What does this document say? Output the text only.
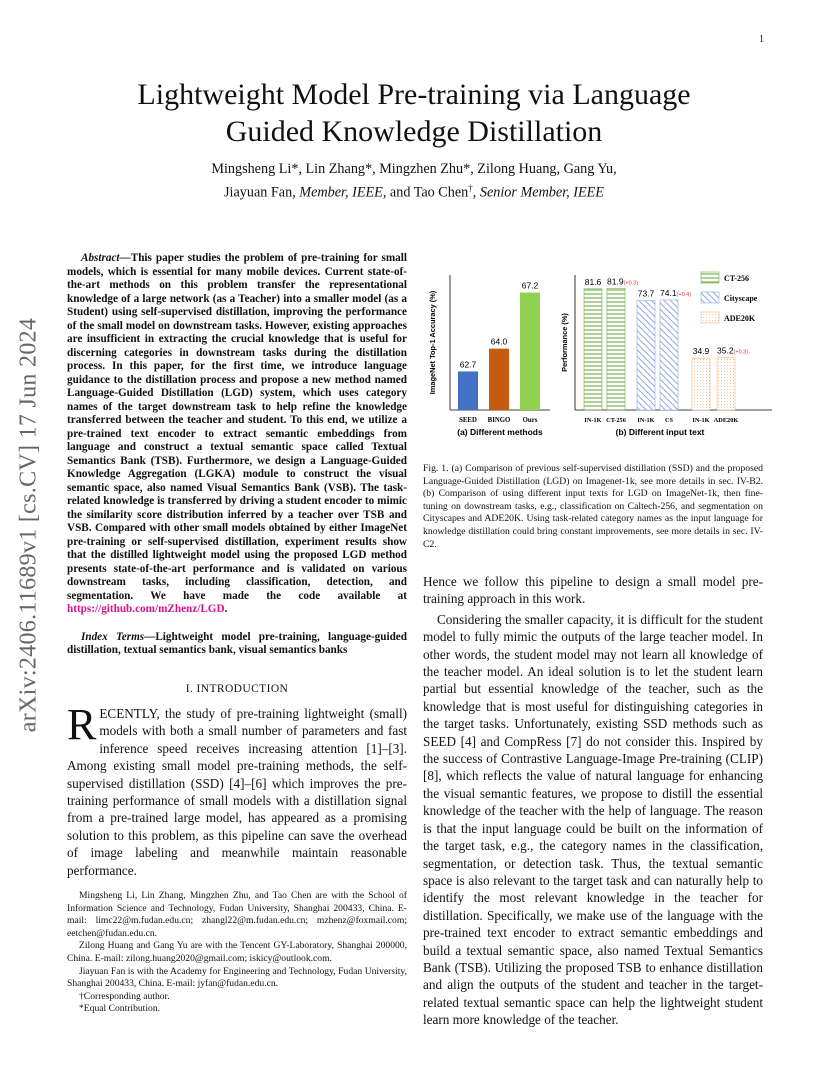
1
arXiv:2406.11689v1 [cs.CV] 17 Jun 2024
Lightweight Model Pre-training via Language
Guided Knowledge Distillation
Mingsheng Li*, Lin Zhang*, Mingzhen Zhu*, Zilong Huang, Gang Yu,
Jiayuan Fan, Member, IEEE, and Tao Chen†, Senior Member, IEEE
Abstract—This paper studies the problem of pre-training for small models, which is essential for many mobile devices. Current state-of-the-art methods on this problem transfer the representational knowledge of a large network (as a Teacher) into a smaller model (as a Student) using self-supervised distillation, improving the performance of the small model on downstream tasks. However, existing approaches are insufficient in extracting the crucial knowledge that is useful for discerning categories in downstream tasks during the distillation process. In this paper, for the first time, we introduce language guidance to the distillation process and propose a new method named Language-Guided Distillation (LGD) system, which uses category names of the target downstream task to help refine the knowledge transferred between the teacher and student. To this end, we utilize a pre-trained text encoder to extract semantic embeddings from language and construct a textual semantic space called Textual Semantics Bank (TSB). Furthermore, we design a Language-Guided Knowledge Aggregation (LGKA) module to construct the visual semantic space, also named Visual Semantics Bank (VSB). The task-related knowledge is transferred by driving a student encoder to mimic the similarity score distribution inferred by a teacher over TSB and VSB. Compared with other small models obtained by either ImageNet pre-training or self-supervised distillation, experiment results show that the distilled lightweight model using the proposed LGD method presents state-of-the-art performance and is validated on various downstream tasks, including classification, detection, and segmentation. We have made the code available at https://github.com/mZhenz/LGD.
Index Terms—Lightweight model pre-training, language-guided distillation, textual semantics bank, visual semantics banks
I. INTRODUCTION
RECENTLY, the study of pre-training lightweight (small) models with both a small number of parameters and fast inference speed receives increasing attention [1]–[3]. Among existing small model pre-training methods, the self-supervised distillation (SSD) [4]–[6] which improves the pre-training performance of small models with a distillation signal from a pre-trained large model, has appeared as a promising solution to this problem, as this pipeline can save the overhead of image labeling and meanwhile maintain reasonable performance.

Mingsheng Li, Lin Zhang, Mingzhen Zhu, and Tao Chen are with the School of Information Science and Technology, Fudan University, Shanghai 200433, China. E-mail: limc22@m.fudan.edu.cn; zhangl22@m.fudan.edu.cn; mzhenz@foxmail.com; eetchen@fudan.edu.cn.

Zilong Huang and Gang Yu are with the Tencent GY-Laboratory, Shanghai 200000, China. E-mail: zilong.huang2020@gmail.com; iskicy@outlook.com.

Jiayuan Fan is with the Academy for Engineering and Technology, Fudan University, Shanghai 200433, China. E-mail: jyfan@fudan.edu.cn.

†Corresponding author.

*Equal Contribution.

62.7
SEED
64.0
BINGO
67.2
Ours
(a) Different methods
ImageNet Top-1 Accuracy (%)
81.6
IN-1K
81.9(+0.3)
CT-256
73.7
IN-1K
74.1(+0.4)
CS
34.9
IN-1K
35.2(+0.3)
ADE20K
(b) Different input text
Performance (%)
CT-256
Cityscape
ADE20K
Fig. 1. (a) Comparison of previous self-supervised distillation (SSD) and the proposed Language-Guided Distillation (LGD) on Imagenet-1k, see more details in sec. IV-B2. (b) Comparison of using different input texts for LGD on ImageNet-1k, then fine-tuning on downstream tasks, e.g., classification on Caltech-256, and segmentation on Cityscapes and ADE20K. Using task-related category names as the input language for knowledge distillation could bring constant improvements, see more details in sec. IV-C2.

Hence we follow this pipeline to design a small model pre-training approach in this work.

Considering the smaller capacity, it is difficult for the student model to fully mimic the outputs of the large teacher model. In other words, the student model may not learn all knowledge of the teacher model. An ideal solution is to let the student learn partial but essential knowledge of the teacher, such as the knowledge that is most useful for distinguishing categories in the target tasks. Unfortunately, existing SSD methods such as SEED [4] and CompRess [7] do not consider this. Inspired by the success of Contrastive Language-Image Pre-training (CLIP) [8], which reflects the value of natural language for enhancing the visual semantic features, we propose to distill the essential knowledge of the teacher with the help of language. The reason is that the input language could be built on the information of the target task, e.g., the category names in the classification, segmentation, or detection task. Thus, the textual semantic space is also relevant to the target task and can naturally help to identify the most relevant knowledge in the teacher for distillation. Specifically, we make use of the language with the pre-trained text encoder to extract semantic embeddings and build a textual semantic space, also named Textual Semantics Bank (TSB). Utilizing the proposed TSB to enhance distillation and align the outputs of the student and teacher in the target-related textual semantic space can help the lightweight student learn more knowledge of the teacher.
